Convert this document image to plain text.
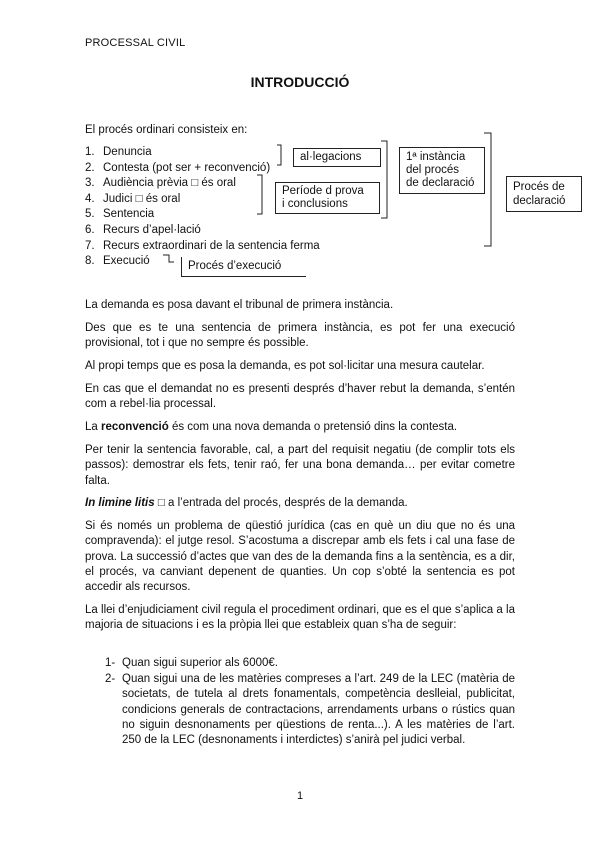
PROCESSAL CIVIL
INTRODUCCIÓ
El procés ordinari consisteix en:
1. Denuncia
2. Contesta (pot ser + reconvenció)
3. Audiència prèvia □ és oral
4. Judici □ és oral
5. Sentencia
6. Recurs d’apel·lació
7. Recurs extraordinari de la sentencia ferma
8. Execució
al·legacions
Període d prova
i conclusions
1ª instància
del procés
de declaració	Procés de
declaració
Procés d’execució

La demanda es posa davant el tribunal de primera instància.

Des que es te una sentencia de primera instància, es pot fer una execució provisional, tot i que no sempre és possible.

Al propi temps que es posa la demanda, es pot sol·licitar una mesura cautelar.

En cas que el demandat no es presenti després d’haver rebut la demanda, s’entén com a rebel·lia processal.

La reconvenció és com una nova demanda o pretensió dins la contesta.

Per tenir la sentencia favorable, cal, a part del requisit negatiu (de complir tots els passos): demostrar els fets, tenir raó, fer una bona demanda… per evitar cometre falta.

In limine litis □ a l’entrada del procés, després de la demanda.

Si és només un problema de qüestió jurídica (cas en què un diu que no és una compravenda): el jutge resol. S’acostuma a discrepar amb els fets i cal una fase de prova. La successió d’actes que van des de la demanda fins a la sentència, es a dir, el procés, va canviant depenent de quanties. Un cop s’obté la sentencia es pot accedir als recursos.

La llei d’enjudiciament civil regula el procediment ordinari, que es el que s’aplica a la majoria de situacions i es la pròpia llei que estableix quan s’ha de seguir:

1- Quan sigui superior als 6000€.
2- Quan sigui una de les matèries compreses a l’art. 249 de la LEC (matèria de societats, de tutela al drets fonamentals, competència deslleial, publicitat, condicions generals de contractacions, arrendaments urbans o rústics quan no siguin desnonaments per qüestions de renta...). A les matèries de l’art. 250 de la LEC (desnonaments i interdictes) s’anirà pel judici verbal.
1
